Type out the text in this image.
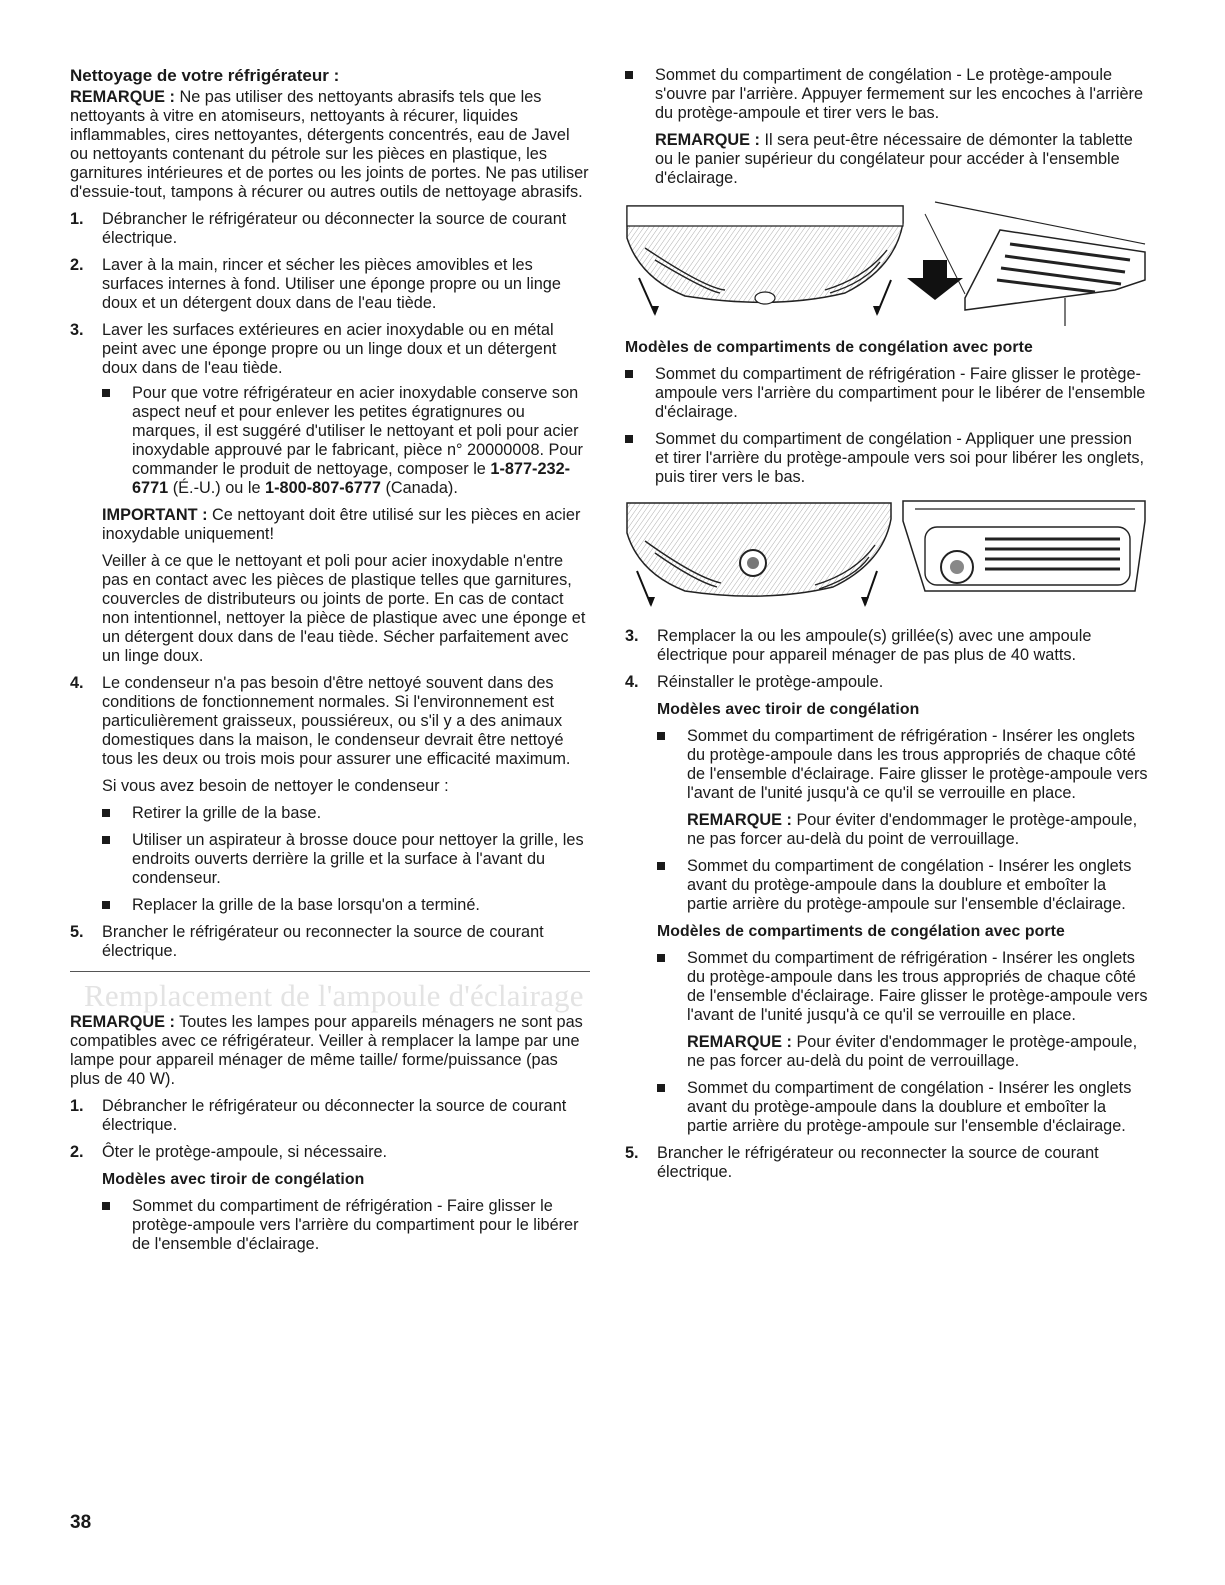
Nettoyage de votre réfrigérateur :

REMARQUE : Ne pas utiliser des nettoyants abrasifs tels que les nettoyants à vitre en atomiseurs, nettoyants à récurer, liquides inflammables, cires nettoyantes, détergents concentrés, eau de Javel ou nettoyants contenant du pétrole sur les pièces en plastique, les garnitures intérieures et de portes ou les joints de portes. Ne pas utiliser d'essuie-tout, tampons à récurer ou autres outils de nettoyage abrasifs.

1. Débrancher le réfrigérateur ou déconnecter la source de courant électrique.
2. Laver à la main, rincer et sécher les pièces amovibles et les surfaces internes à fond. Utiliser une éponge propre ou un linge doux et un détergent doux dans de l'eau tiède.
3. Laver les surfaces extérieures en acier inoxydable ou en métal peint avec une éponge propre ou un linge doux et un détergent doux dans de l'eau tiède.
Pour que votre réfrigérateur en acier inoxydable conserve son aspect neuf et pour enlever les petites égratignures ou marques, il est suggéré d'utiliser le nettoyant et poli pour acier inoxydable approuvé par le fabricant, pièce n° 20000008. Pour commander le produit de nettoyage, composer le 1-877-232-6771 (É.-U.) ou le 1-800-807-6777 (Canada).

IMPORTANT : Ce nettoyant doit être utilisé sur les pièces en acier inoxydable uniquement!

Veiller à ce que le nettoyant et poli pour acier inoxydable n'entre pas en contact avec les pièces de plastique telles que garnitures, couvercles de distributeurs ou joints de porte. En cas de contact non intentionnel, nettoyer la pièce de plastique avec une éponge et un détergent doux dans de l'eau tiède. Sécher parfaitement avec un linge doux.

4. Le condenseur n'a pas besoin d'être nettoyé souvent dans des conditions de fonctionnement normales. Si l'environnement est particulièrement graisseux, poussiéreux, ou s'il y a des animaux domestiques dans la maison, le condenseur devrait être nettoyé tous les deux ou trois mois pour assurer une efficacité maximum.

Si vous avez besoin de nettoyer le condenseur :

Retirer la grille de la base.
Utiliser un aspirateur à brosse douce pour nettoyer la grille, les endroits ouverts derrière la grille et la surface à l'avant du condenseur.
Replacer la grille de la base lorsqu'on a terminé.
5. Brancher le réfrigérateur ou reconnecter la source de courant électrique.
Remplacement de l'ampoule d'éclairage

REMARQUE : Toutes les lampes pour appareils ménagers ne sont pas compatibles avec ce réfrigérateur. Veiller à remplacer la lampe par une lampe pour appareil ménager de même taille/ forme/puissance (pas plus de 40 W).

1. Débrancher le réfrigérateur ou déconnecter la source de courant électrique.
2. Ôter le protège-ampoule, si nécessaire.
Modèles avec tiroir de congélation
Sommet du compartiment de réfrigération - Faire glisser le protège-ampoule vers l'arrière du compartiment pour le libérer de l'ensemble d'éclairage.
Sommet du compartiment de congélation - Le protège-ampoule s'ouvre par l'arrière. Appuyer fermement sur les encoches à l'arrière du protège-ampoule et tirer vers le bas.

REMARQUE : Il sera peut-être nécessaire de démonter la tablette ou le panier supérieur du congélateur pour accéder à l'ensemble d'éclairage.

Modèles de compartiments de congélation avec porte
Sommet du compartiment de réfrigération - Faire glisser le protège-ampoule vers l'arrière du compartiment pour le libérer de l'ensemble d'éclairage.
Sommet du compartiment de congélation - Appliquer une pression et tirer l'arrière du protège-ampoule vers soi pour libérer les onglets, puis tirer vers le bas.
3. Remplacer la ou les ampoule(s) grillée(s) avec une ampoule électrique pour appareil ménager de pas plus de 40 watts.
4. Réinstaller le protège-ampoule.
Modèles avec tiroir de congélation
Sommet du compartiment de réfrigération - Insérer les onglets du protège-ampoule dans les trous appropriés de chaque côté de l'ensemble d'éclairage. Faire glisser le protège-ampoule vers l'avant de l'unité jusqu'à ce qu'il se verrouille en place.

REMARQUE : Pour éviter d'endommager le protège-ampoule, ne pas forcer au-delà du point de verrouillage.

Sommet du compartiment de congélation - Insérer les onglets avant du protège-ampoule dans la doublure et emboîter la partie arrière du protège-ampoule sur l'ensemble d'éclairage.
Modèles de compartiments de congélation avec porte
Sommet du compartiment de réfrigération - Insérer les onglets du protège-ampoule dans les trous appropriés de chaque côté de l'ensemble d'éclairage. Faire glisser le protège-ampoule vers l'avant de l'unité jusqu'à ce qu'il se verrouille en place.

REMARQUE : Pour éviter d'endommager le protège-ampoule, ne pas forcer au-delà du point de verrouillage.

Sommet du compartiment de congélation - Insérer les onglets avant du protège-ampoule dans la doublure et emboîter la partie arrière du protège-ampoule sur l'ensemble d'éclairage.
5. Brancher le réfrigérateur ou reconnecter la source de courant électrique.
38
